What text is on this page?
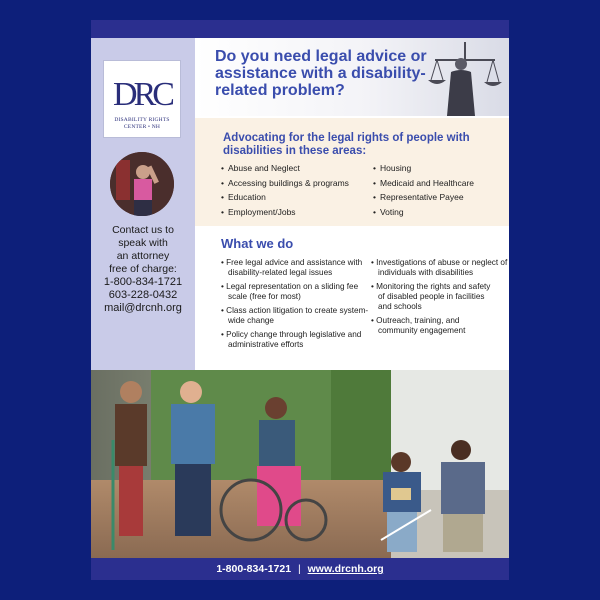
DRC
DISABILITY RIGHTS
CENTER • NH
Contact us to
speak with
an attorney
free of charge:
1-800-834-1721
603-228-0432
mail@drcnh.org
Do you need legal advice or assistance with a disability-related problem?
Advocating for the legal rights of people with disabilities in these areas:
• Abuse and Neglect
• Accessing buildings & programs
• Education
• Employment/Jobs
• Housing
• Medicaid and Healthcare
• Representative Payee
• Voting
What we do
• Free legal advice and assistance with disability-related legal issues
• Legal representation on a sliding fee scale (free for most)
• Class action litigation to create system-wide change
• Policy change through legislative and administrative efforts
• Investigations of abuse or neglect of individuals with disabilities
• Monitoring the rights and safety of disabled people in facilities and schools
• Outreach, training, and community engagement
1-800-834-1721 | www.drcnh.org
